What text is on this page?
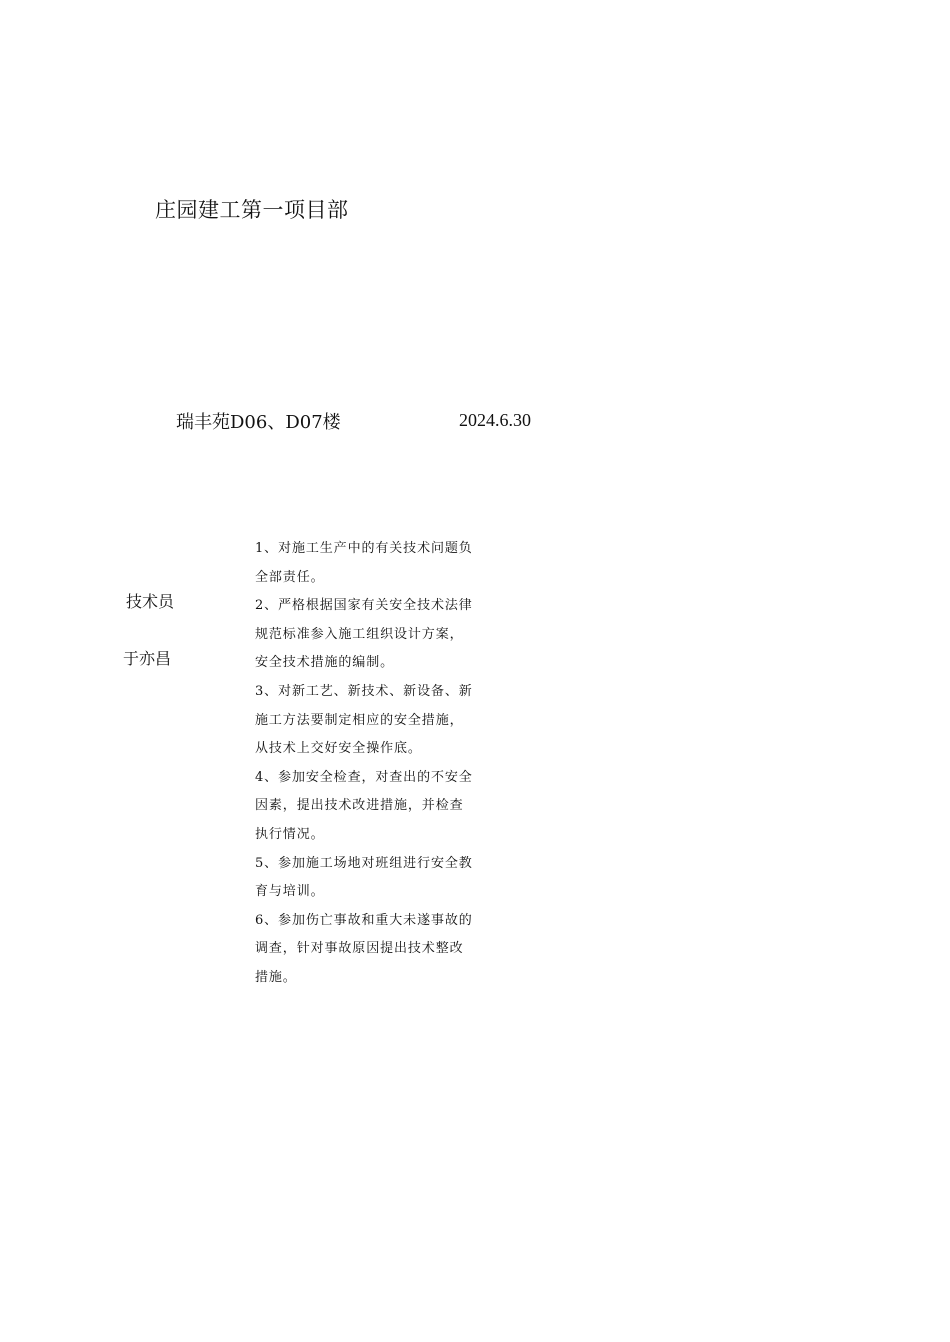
庄园建工第一项目部
瑞丰苑D06、D07楼	2024.6.30
技术员
于亦昌

1、对施工生产中的有关技术问题负全部责任。

2、严格根据国家有关安全技术法律规范标准参入施工组织设计方案，安全技术措施的编制。

3、对新工艺、新技术、新设备、新施工方法要制定相应的安全措施，从技术上交好安全操作底。

4、参加安全检查，对查出的不安全因素，提出技术改进措施，并检查执行情况。

5、参加施工场地对班组进行安全教育与培训。

6、参加伤亡事故和重大未遂事故的调查，针对事故原因提出技术整改措施。
